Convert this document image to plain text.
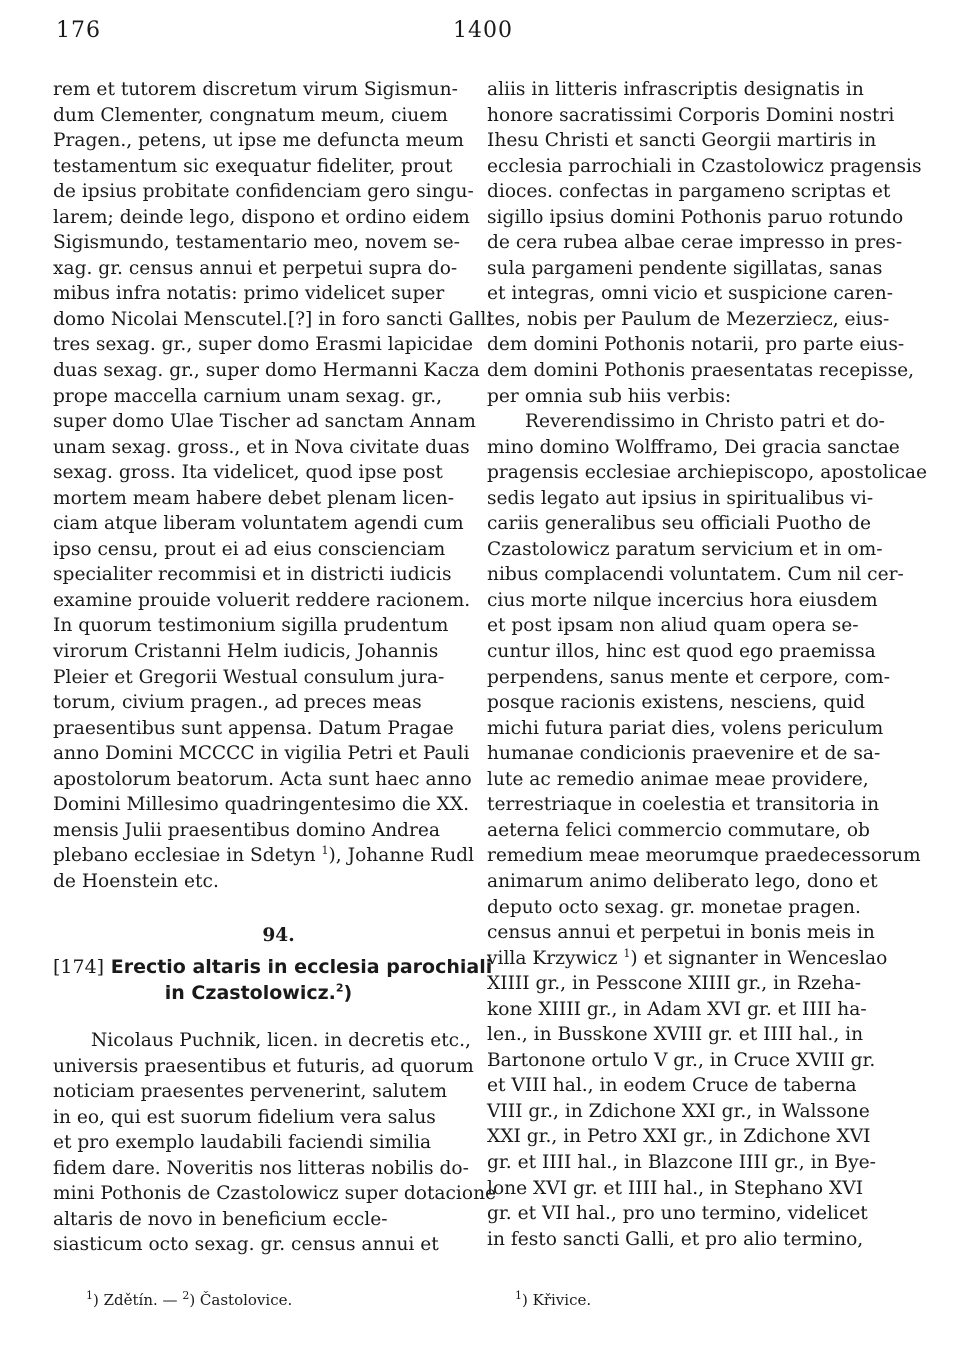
176	1400

rem et tutorem discretum virum Sigismun-
dum Clementer, congnatum meum, ciuem
Pragen., petens, ut ipse me defuncta meum
testamentum sic exequatur fideliter, prout
de ipsius probitate confidenciam gero singu-
larem; deinde lego, dispono et ordino eidem
Sigismundo, testamentario meo, novem se-
xag. gr. census annui et perpetui supra do-
mibus infra notatis: primo videlicet super
domo Nicolai Menscutel.[?] in foro sancti Galli
tres sexag. gr., super domo Erasmi lapicidae
duas sexag. gr., super domo Hermanni Kacza
prope maccella carnium unam sexag. gr.,
super domo Ulae Tischer ad sanctam Annam
unam sexag. gross., et in Nova civitate duas
sexag. gross. Ita videlicet, quod ipse post
mortem meam habere debet plenam licen-
ciam atque liberam voluntatem agendi cum
ipso censu, prout ei ad eius conscienciam
specialiter recommisi et in districti iudicis
examine prouide voluerit reddere racionem.
In quorum testimonium sigilla prudentum
virorum Cristanni Helm iudicis, Johannis
Pleier et Gregorii Westual consulum jura-
torum, civium pragen., ad preces meas
praesentibus sunt appensa. Datum Pragae
anno Domini MCCCC in vigilia Petri et Pauli
apostolorum beatorum. Acta sunt haec anno
Domini Millesimo quadringentesimo die XX.
mensis Julii praesentibus domino Andrea
plebano ecclesiae in Sdetyn $^1$), Johanne Rudl
de Hoenstein etc.

94.

[174] Erectio altaris in ecclesia parochiali
in Czastolowicz.$^2$)

Nicolaus Puchnik, licen. in decretis etc.,
universis praesentibus et futuris, ad quorum
noticiam praesentes pervenerint, salutem
in eo, qui est suorum fidelium vera salus
et pro exemplo laudabili faciendi similia
fidem dare. Noveritis nos litteras nobilis do-
mini Pothonis de Czastolowicz super dotacione
altaris de novo in beneficium eccle-
siasticum octo sexag. gr. census annui et

aliis in litteris infrascriptis designatis in
honore sacratissimi Corporis Domini nostri
Ihesu Christi et sancti Georgii martiris in
ecclesia parrochiali in Czastolowicz pragensis
dioces. confectas in pargameno scriptas et
sigillo ipsius domini Pothonis paruo rotundo
de cera rubea albae cerae impresso in pres-
sula pargameni pendente sigillatas, sanas
et integras, omni vicio et suspicione caren-
tes, nobis per Paulum de Mezerziecz, eius-
dem domini Pothonis notarii, pro parte eius-
dem domini Pothonis praesentatas recepisse,
per omnia sub hiis verbis:

Reverendissimo in Christo patri et do-
mino domino Wolfframo, Dei gracia sanctae
pragensis ecclesiae archiepiscopo, apostolicae
sedis legato aut ipsius in spiritualibus vi-
cariis generalibus seu officiali Puotho de
Czastolowicz paratum servicium et in om-
nibus complacendi voluntatem. Cum nil cer-
cius morte nilque incercius hora eiusdem
et post ipsam non aliud quam opera se-
cuntur illos, hinc est quod ego praemissa
perpendens, sanus mente et cerpore, com-
posque racionis existens, nesciens, quid
michi futura pariat dies, volens periculum
humanae condicionis praevenire et de sa-
lute ac remedio animae meae providere,
terrestriaque in coelestia et transitoria in
aeterna felici commercio commutare, ob
remedium meae meorumque praedecessorum
animarum animo deliberato lego, dono et
deputo octo sexag. gr. monetae pragen.
census annui et perpetui in bonis meis in
villa Krzywicz $^1$) et signanter in Wenceslao
XIIII gr., in Pesscone XIIII gr., in Rzeha-
kone XIIII gr., in Adam XVI gr. et IIII ha-
len., in Busskone XVIII gr. et IIII hal., in
Bartonone ortulo V gr., in Cruce XVIII gr.
et VIII hal., in eodem Cruce de taberna
VIII gr., in Zdichone XXI gr., in Walssone
XXI gr., in Petro XXI gr., in Zdichone XVI
gr. et IIII hal., in Blazcone IIII gr., in Bye-
lone XVI gr. et IIII hal., in Stephano XVI
gr. et VII hal., pro uno termino, videlicet
in festo sancti Galli, et pro alio termino,

$^1$) Zdětín. — $^2$) Častolovice.	$^1$) Křivice.
